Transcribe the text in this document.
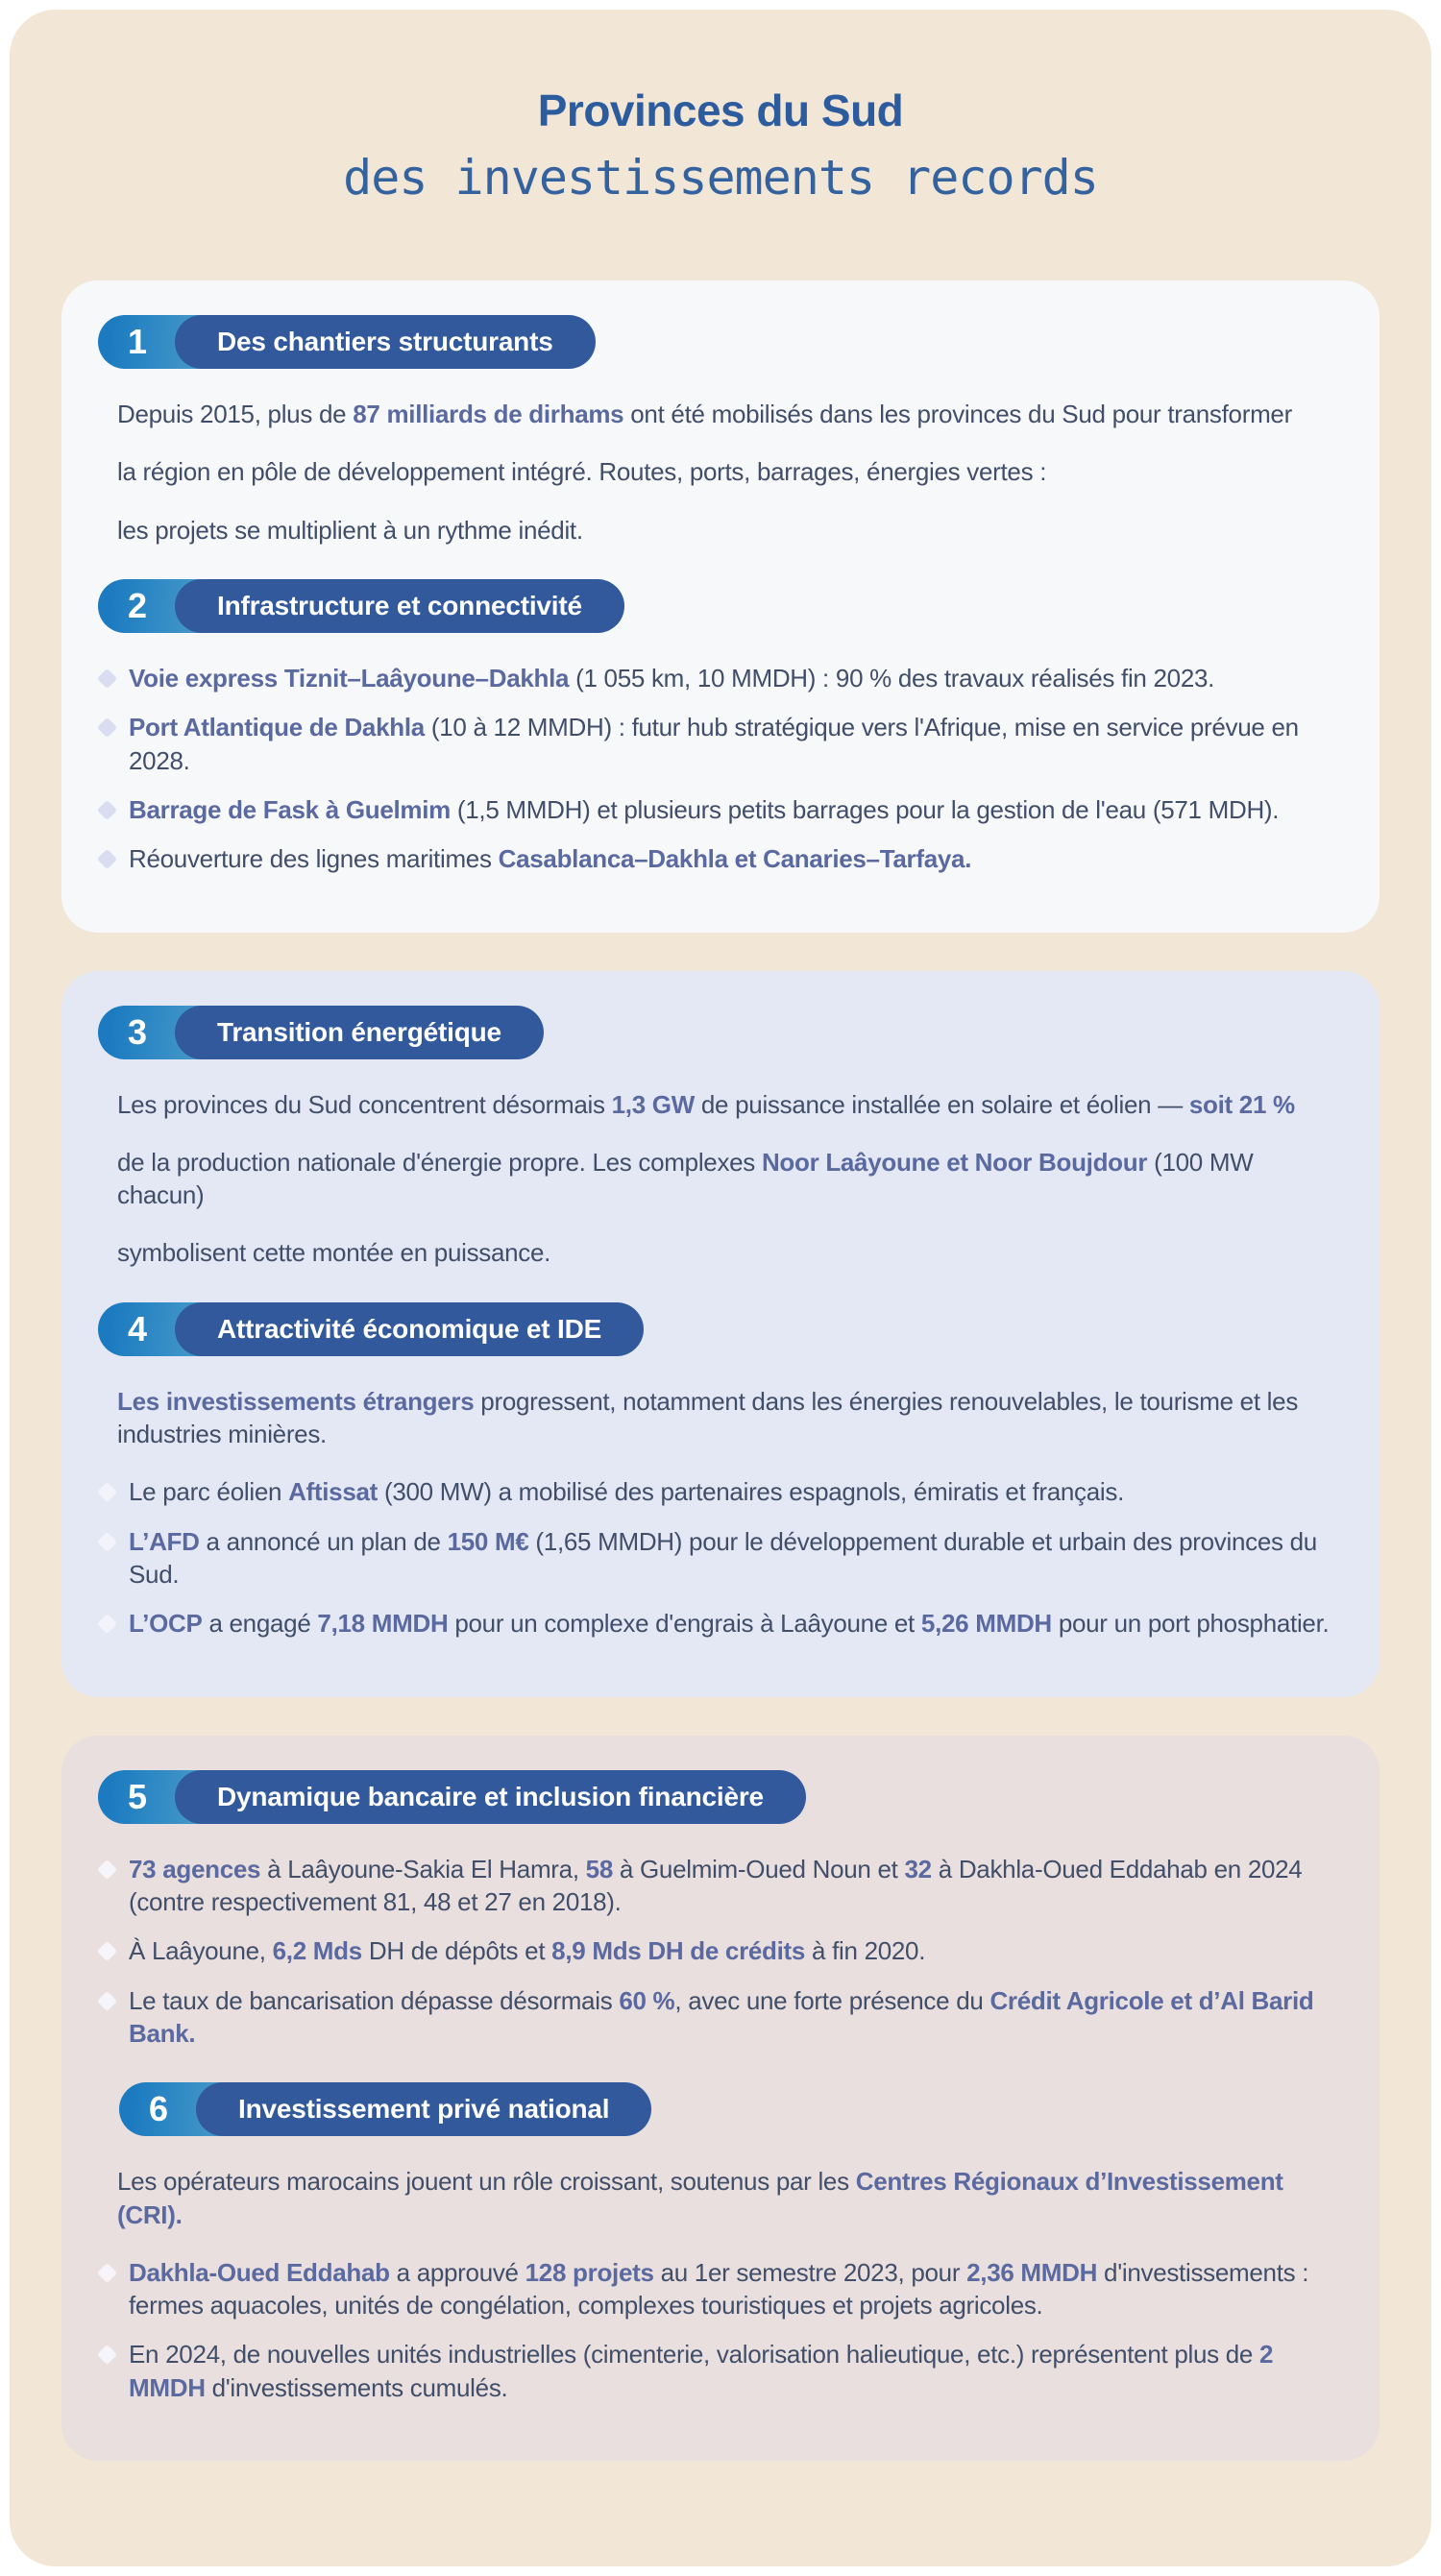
Provinces du Sud
des investissements records
1	Des chantiers structurants
Depuis 2015, plus de 87 milliards de dirhams ont été mobilisés dans les provinces du Sud pour transformer
la région en pôle de développement intégré. Routes, ports, barrages, énergies vertes :
les projets se multiplient à un rythme inédit.
2	Infrastructure et connectivité
Voie express Tiznit–Laâyoune–Dakhla (1 055 km, 10 MMDH) : 90 % des travaux réalisés fin 2023.
Port Atlantique de Dakhla (10 à 12 MMDH) : futur hub stratégique vers l'Afrique, mise en service prévue en 2028.
Barrage de Fask à Guelmim (1,5 MMDH) et plusieurs petits barrages pour la gestion de l'eau (571 MDH).
Réouverture des lignes maritimes Casablanca–Dakhla et Canaries–Tarfaya.
3	Transition énergétique
Les provinces du Sud concentrent désormais 1,3 GW de puissance installée en solaire et éolien — soit 21 %
de la production nationale d'énergie propre. Les complexes Noor Laâyoune et Noor Boujdour (100 MW chacun)
symbolisent cette montée en puissance.
4	Attractivité économique et IDE
Les investissements étrangers progressent, notamment dans les énergies renouvelables, le tourisme et les industries minières.
Le parc éolien Aftissat (300 MW) a mobilisé des partenaires espagnols, émiratis et français.
L’AFD a annoncé un plan de 150 M€ (1,65 MMDH) pour le développement durable et urbain des provinces du Sud.
L’OCP a engagé 7,18 MMDH pour un complexe d'engrais à Laâyoune et 5,26 MMDH pour un port phosphatier.
5	Dynamique bancaire et inclusion financière
73 agences à Laâyoune-Sakia El Hamra, 58 à Guelmim-Oued Noun et 32 à Dakhla-Oued Eddahab en 2024 (contre respectivement 81, 48 et 27 en 2018).
À Laâyoune, 6,2 Mds DH de dépôts et 8,9 Mds DH de crédits à fin 2020.
Le taux de bancarisation dépasse désormais 60 %, avec une forte présence du Crédit Agricole et d’Al Barid Bank.
6	Investissement privé national
Les opérateurs marocains jouent un rôle croissant, soutenus par les Centres Régionaux d’Investissement (CRI).
Dakhla-Oued Eddahab a approuvé 128 projets au 1er semestre 2023, pour 2,36 MMDH d'investissements : fermes aquacoles, unités de congélation, complexes touristiques et projets agricoles.
En 2024, de nouvelles unités industrielles (cimenterie, valorisation halieutique, etc.) représentent plus de 2 MMDH d'investissements cumulés.
